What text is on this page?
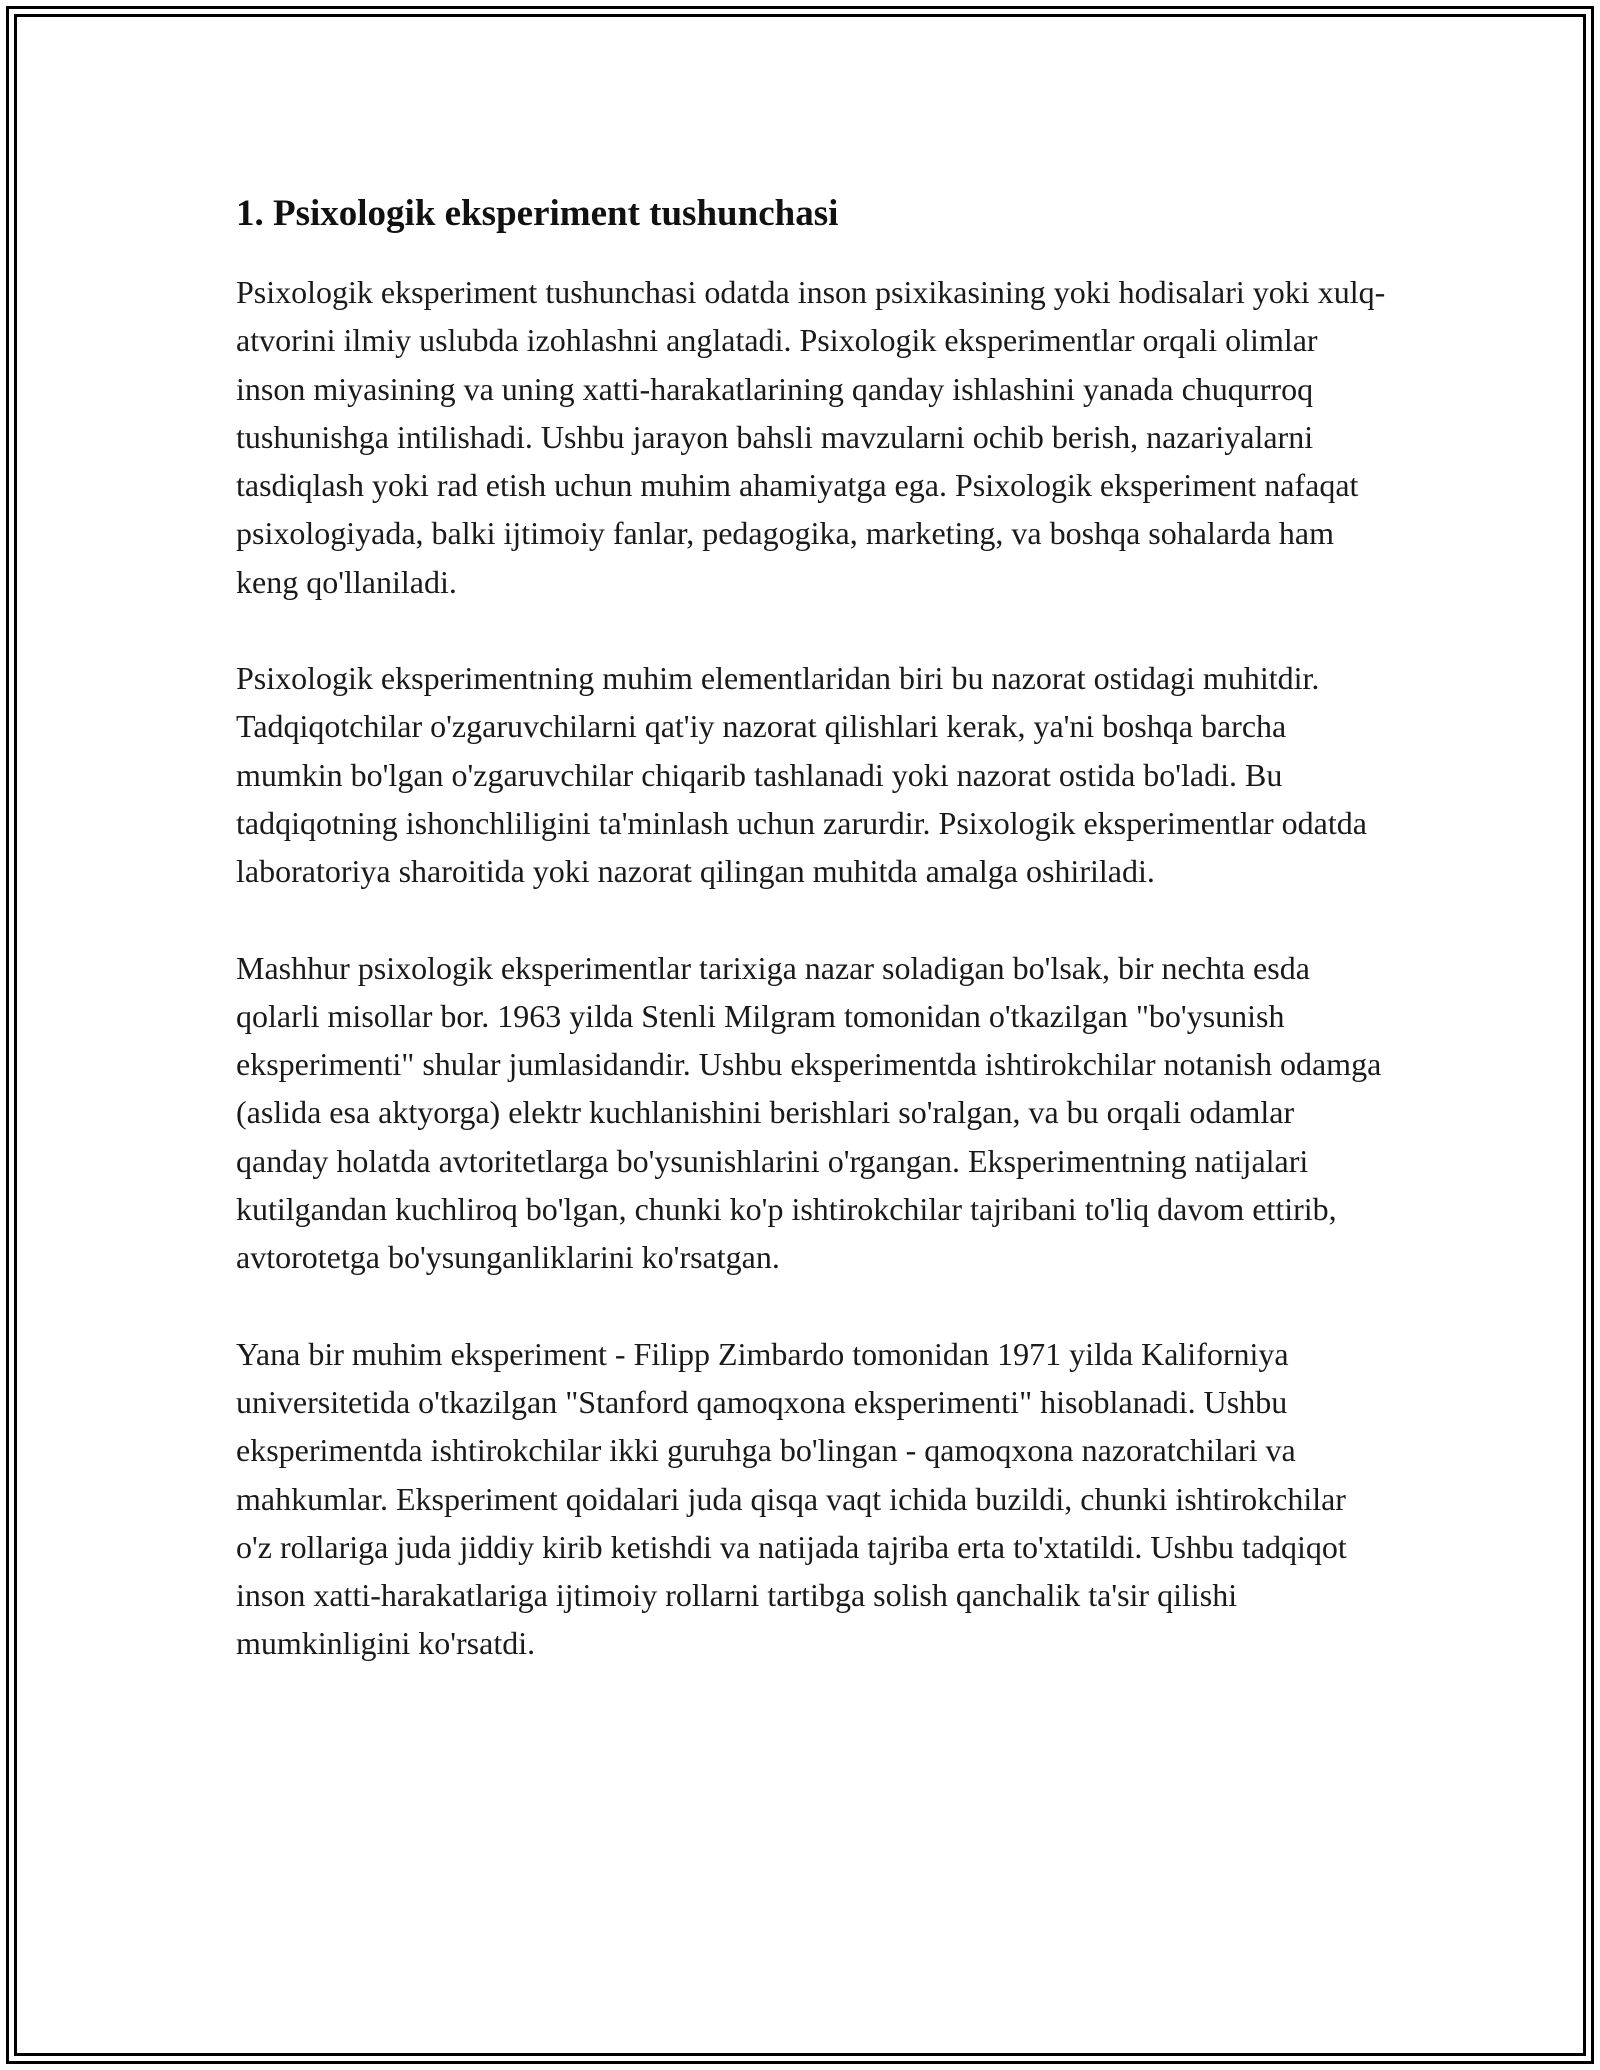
1. Psixologik eksperiment tushunchasi

Psixologik eksperiment tushunchasi odatda inson psixikasining yoki hodisalari yoki xulq-atvorini ilmiy uslubda izohlashni anglatadi. Psixologik eksperimentlar orqali olimlar inson miyasining va uning xatti-harakatlarining qanday ishlashini yanada chuqurroq tushunishga intilishadi. Ushbu jarayon bahsli mavzularni ochib berish, nazariyalarni tasdiqlash yoki rad etish uchun muhim ahamiyatga ega. Psixologik eksperiment nafaqat psixologiyada, balki ijtimoiy fanlar, pedagogika, marketing, va boshqa sohalarda ham keng qo'llaniladi.

Psixologik eksperimentning muhim elementlaridan biri bu nazorat ostidagi muhitdir. Tadqiqotchilar o'zgaruvchilarni qat'iy nazorat qilishlari kerak, ya'ni boshqa barcha mumkin bo'lgan o'zgaruvchilar chiqarib tashlanadi yoki nazorat ostida bo'ladi. Bu tadqiqotning ishonchliligini ta'minlash uchun zarurdir. Psixologik eksperimentlar odatda laboratoriya sharoitida yoki nazorat qilingan muhitda amalga oshiriladi.

Mashhur psixologik eksperimentlar tarixiga nazar soladigan bo'lsak, bir nechta esda qolarli misollar bor. 1963 yilda Stenli Milgram tomonidan o'tkazilgan "bo'ysunish eksperimenti" shular jumlasidandir. Ushbu eksperimentda ishtirokchilar notanish odamga (aslida esa aktyorga) elektr kuchlanishini berishlari so'ralgan, va bu orqali odamlar qanday holatda avtoritetlarga bo'ysunishlarini o'rgangan. Eksperimentning natijalari kutilgandan kuchliroq bo'lgan, chunki ko'p ishtirokchilar tajribani to'liq davom ettirib, avtorotetga bo'ysunganliklarini ko'rsatgan.

Yana bir muhim eksperiment - Filipp Zimbardo tomonidan 1971 yilda Kaliforniya universitetida o'tkazilgan "Stanford qamoqxona eksperimenti" hisoblanadi. Ushbu eksperimentda ishtirokchilar ikki guruhga bo'lingan - qamoqxona nazoratchilari va mahkumlar. Eksperiment qoidalari juda qisqa vaqt ichida buzildi, chunki ishtirokchilar o'z rollariga juda jiddiy kirib ketishdi va natijada tajriba erta to'xtatildi. Ushbu tadqiqot inson xatti-harakatlariga ijtimoiy rollarni tartibga solish qanchalik ta'sir qilishi mumkinligini ko'rsatdi.
